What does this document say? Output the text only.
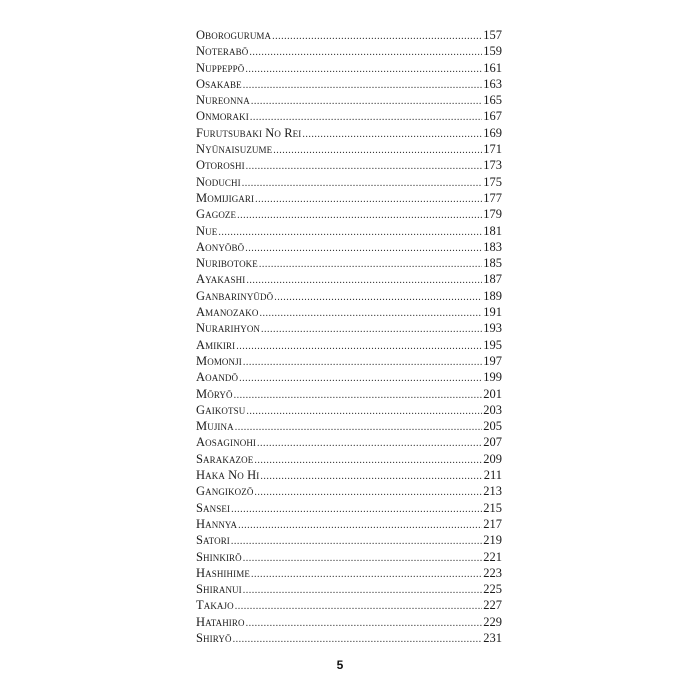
Oboroguruma .....	157
Noterabō .....	159
Nuppeppō .....	161
Osakabe .....	163
Nureonna .....	165
Onmoraki .....	167
Furutsubaki No Rei .....	169
Nyūnaisuzume .....	171
Otoroshi .....	173
Noduchi .....	175
Momijigari .....	177
Gagoze .....	179
Nue .....	181
Aonyōbō .....	183
Nuribotoke .....	185
Ayakashi .....	187
Ganbarinyūdō .....	189
Amanozako .....	191
Nurarihyon .....	193
Amikiri .....	195
Momonji .....	197
Aoandō .....	199
Mōryō .....	201
Gaikotsu .....	203
Mujina .....	205
Aosaginohi .....	207
Sarakazoe .....	209
Haka No Hi .....	211
Gangikozō .....	213
Sansei .....	215
Hannya .....	217
Satori .....	219
Shinkirō .....	221
Hashihime .....	223
Shiranui .....	225
Takajo .....	227
Hatahiro .....	229
Shiryō .....	231
5
